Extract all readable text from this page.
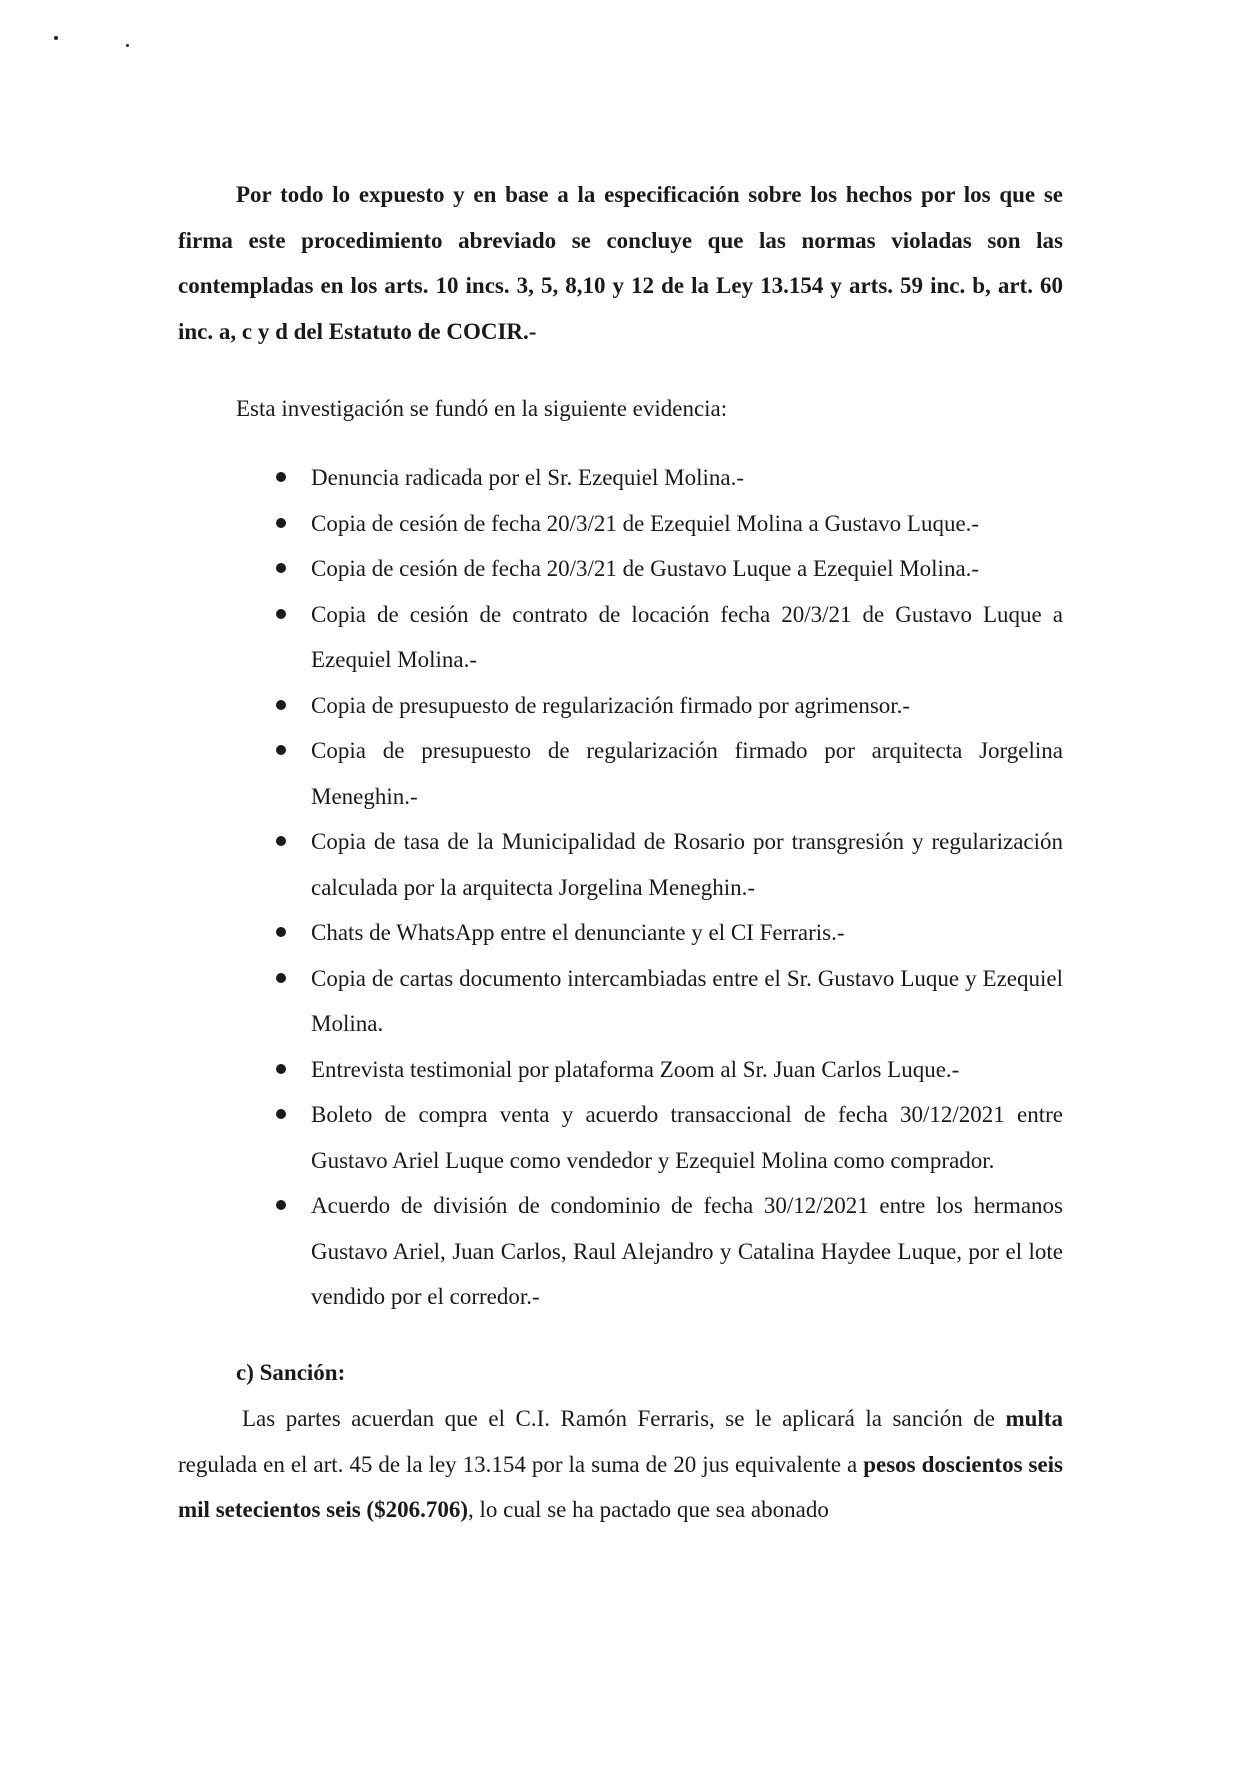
Por todo lo expuesto y en base a la especificación sobre los hechos por los que se firma este procedimiento abreviado se concluye que las normas violadas son las contempladas en los arts. 10 incs. 3, 5, 8,10 y 12 de la Ley 13.154 y arts. 59 inc. b, art. 60 inc. a, c y d del Estatuto de COCIR.-

Esta investigación se fundó en la siguiente evidencia:
Denuncia radicada por el Sr. Ezequiel Molina.-
Copia de cesión de fecha 20/3/21 de Ezequiel Molina a Gustavo Luque.-
Copia de cesión de fecha 20/3/21 de Gustavo Luque a Ezequiel Molina.-
Copia de cesión de contrato de locación fecha 20/3/21 de Gustavo Luque a Ezequiel Molina.-
Copia de presupuesto de regularización firmado por agrimensor.-
Copia de presupuesto de regularización firmado por arquitecta Jorgelina Meneghin.-
Copia de tasa de la Municipalidad de Rosario por transgresión y regularización calculada por la arquitecta Jorgelina Meneghin.-
Chats de WhatsApp entre el denunciante y el CI Ferraris.-
Copia de cartas documento intercambiadas entre el Sr. Gustavo Luque y Ezequiel Molina.
Entrevista testimonial por plataforma Zoom al Sr. Juan Carlos Luque.-
Boleto de compra venta y acuerdo transaccional de fecha 30/12/2021 entre Gustavo Ariel Luque como vendedor y Ezequiel Molina como comprador.
Acuerdo de división de condominio de fecha 30/12/2021 entre los hermanos Gustavo Ariel, Juan Carlos, Raul Alejandro y Catalina Haydee Luque, por el lote vendido por el corredor.-
c) Sanción:

Las partes acuerdan que el C.I. Ramón Ferraris, se le aplicará la sanción de multa regulada en el art. 45 de la ley 13.154 por la suma de 20 jus equivalente a pesos doscientos seis mil setecientos seis ($206.706), lo cual se ha pactado que sea abonado
